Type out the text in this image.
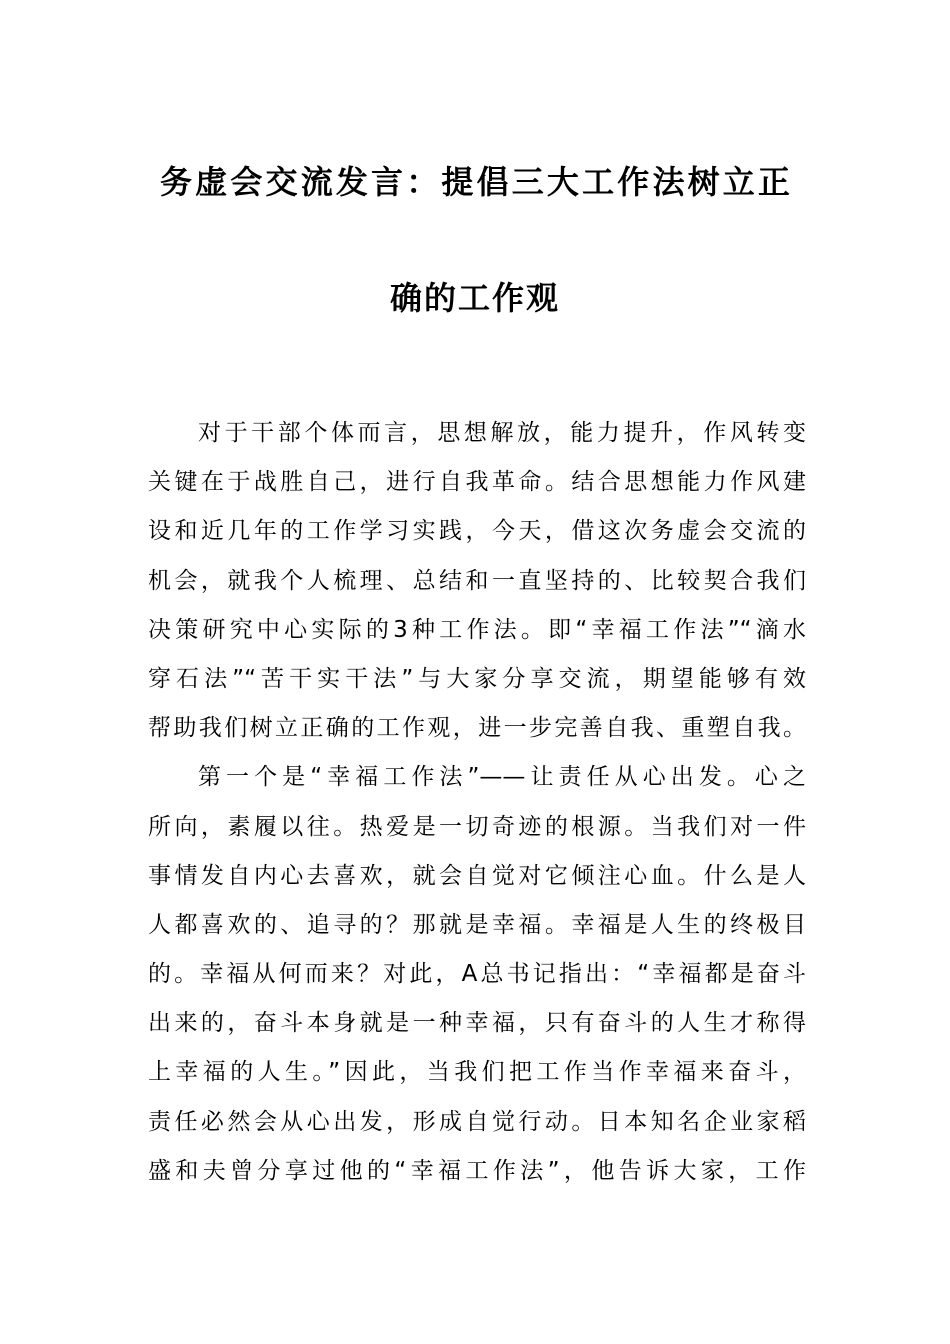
务虚会交流发言：提倡三大工作法树立正
确的工作观
对于干部个体而言，思想解放，能力提升，作风转变
关键在于战胜自己，进行自我革命。结合思想能力作风建
设和近几年的工作学习实践，今天，借这次务虚会交流的
机会，就我个人梳理、总结和一直坚持的、比较契合我们
决策研究中心实际的3种工作法。即“幸福工作法”“滴水
穿石法”“苦干实干法”与大家分享交流，期望能够有效
帮助我们树立正确的工作观，进一步完善自我、重塑自我。
第一个是“幸福工作法”——让责任从心出发。心之
所向，素履以往。热爱是一切奇迹的根源。当我们对一件
事情发自内心去喜欢，就会自觉对它倾注心血。什么是人
人都喜欢的、追寻的？那就是幸福。幸福是人生的终极目
的。幸福从何而来？对此，A总书记指出：“幸福都是奋斗
出来的，奋斗本身就是一种幸福，只有奋斗的人生才称得
上幸福的人生。”因此，当我们把工作当作幸福来奋斗，
责任必然会从心出发，形成自觉行动。日本知名企业家稻
盛和夫曾分享过他的“幸福工作法”，他告诉大家，工作
